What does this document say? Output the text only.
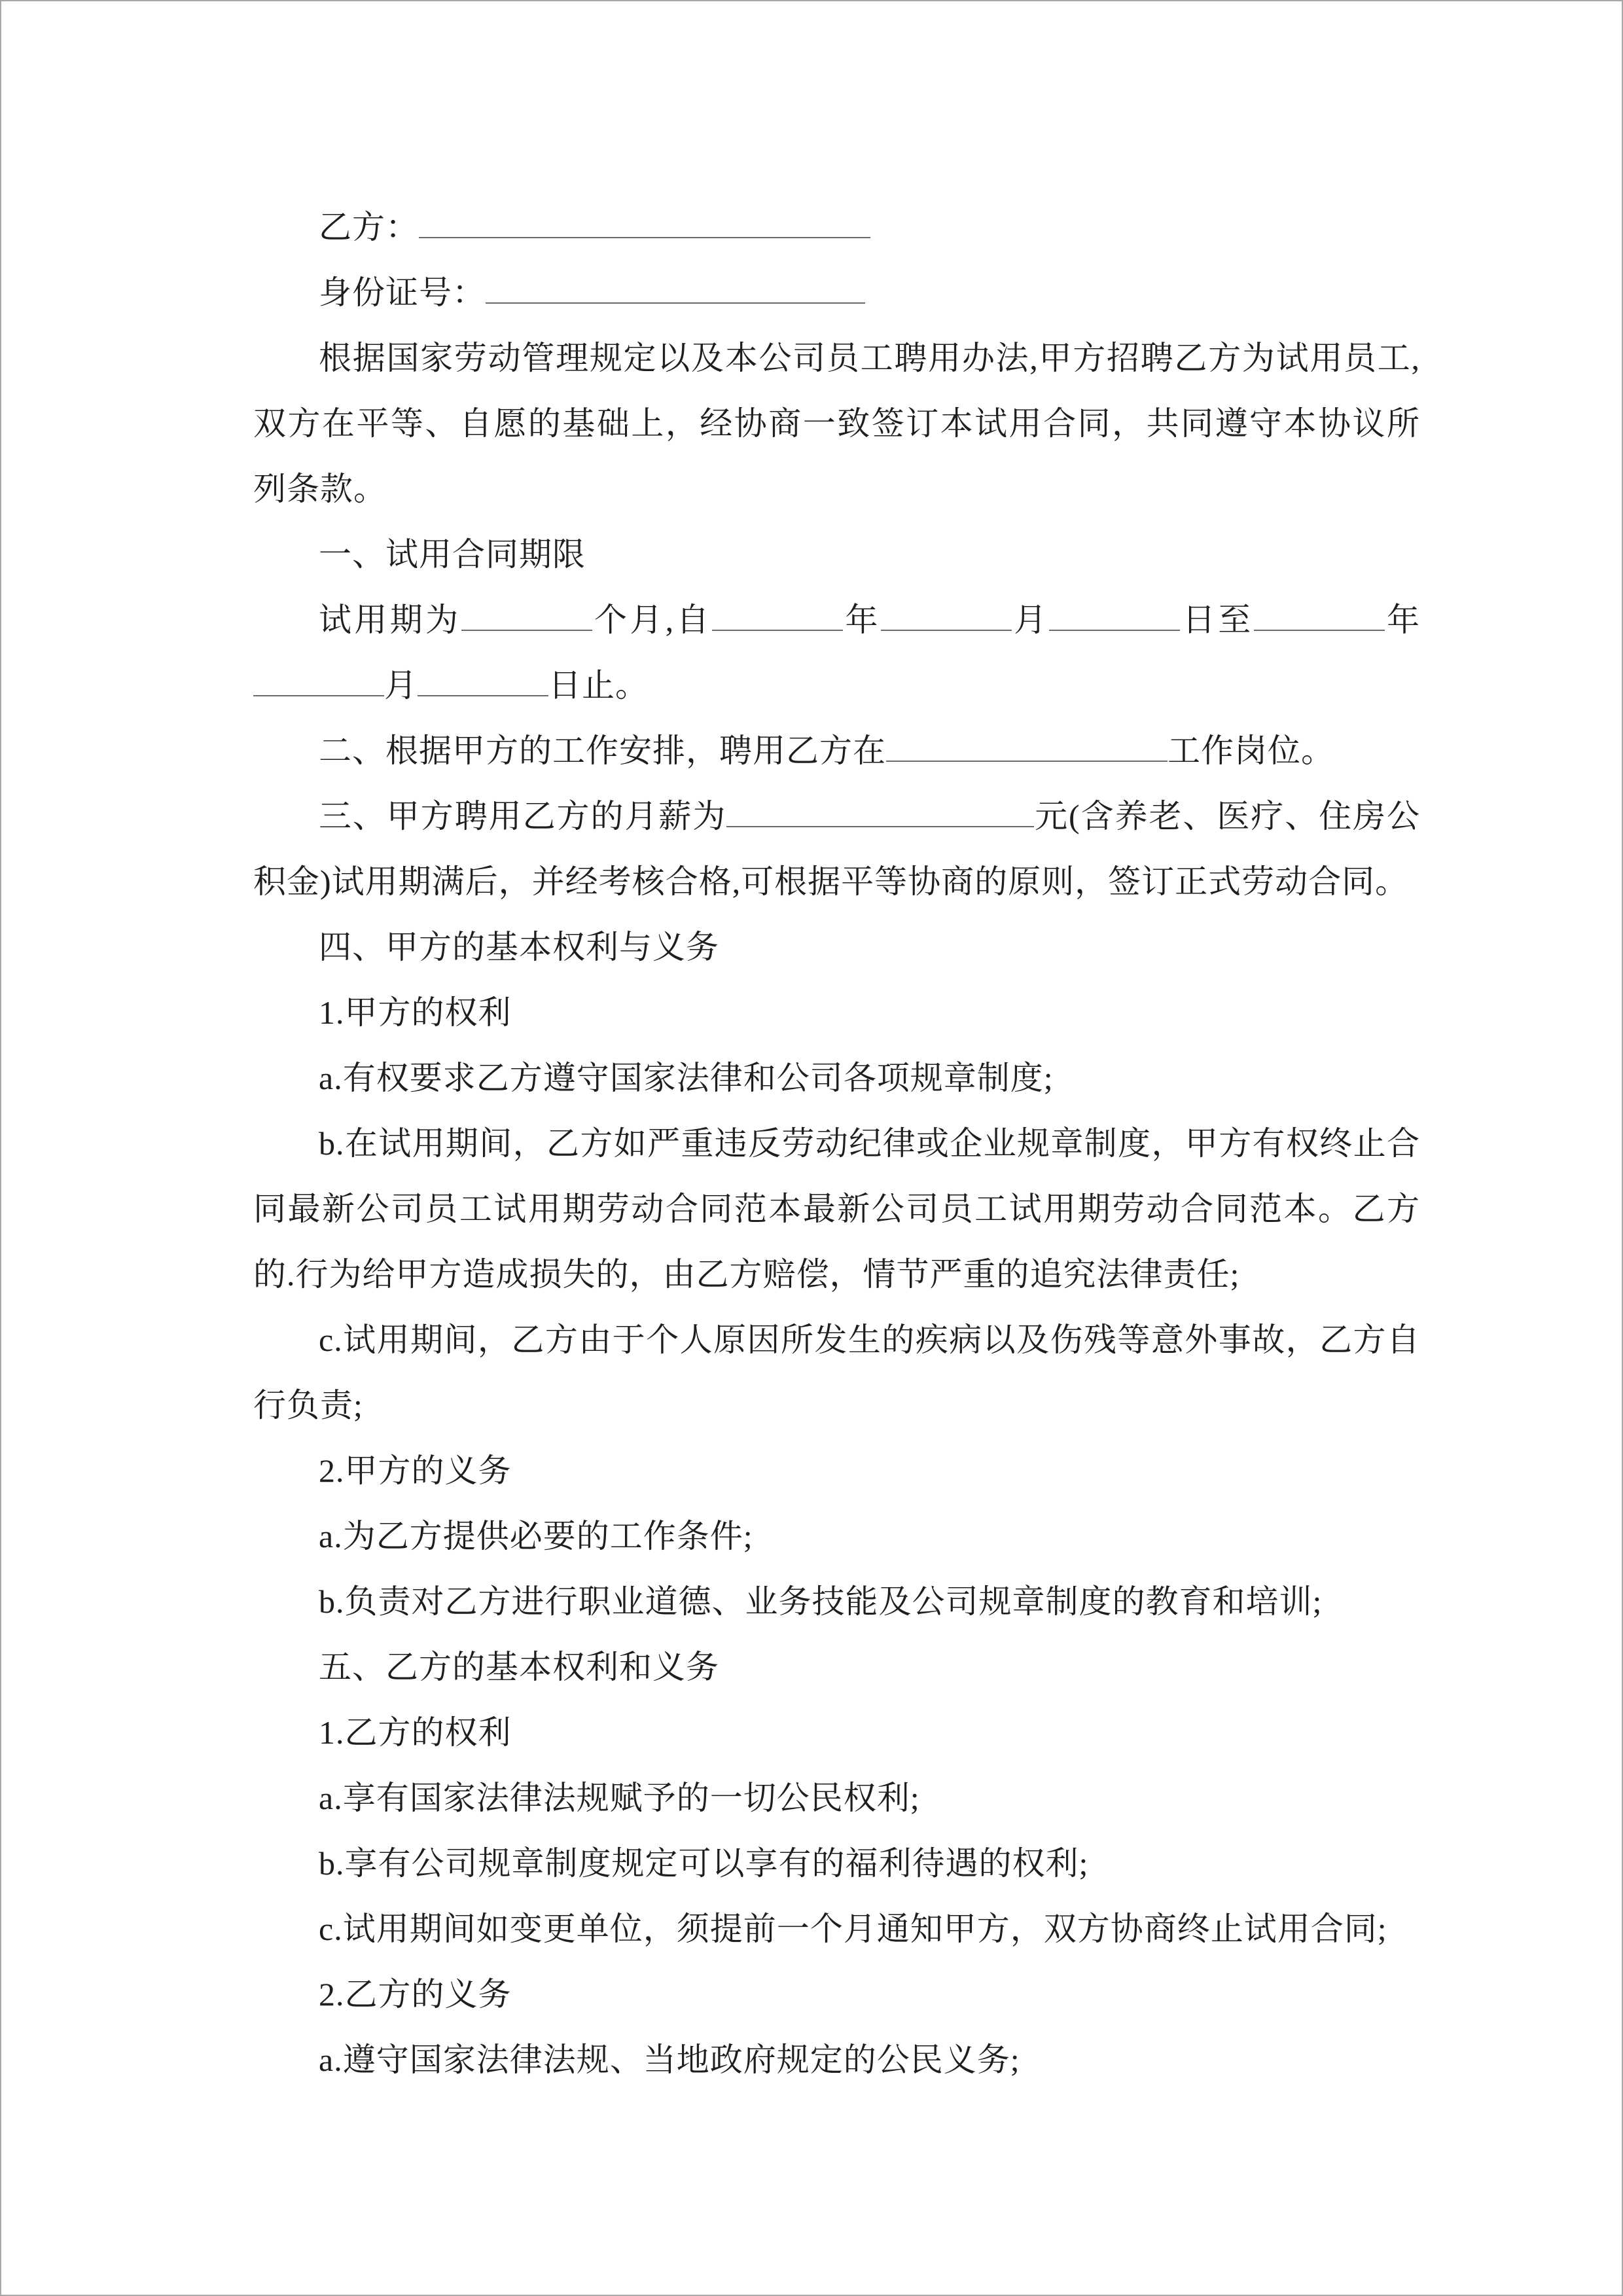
乙方：

身份证号：

根据国家劳动管理规定以及本公司员工聘用办法,甲方招聘乙方为试用员工,双方在平等、自愿的基础上，经协商一致签订本试用合同，共同遵守本协议所列条款。

一、试用合同期限

试用期为	个月,自	年	月	日至	年月	日止。

二、根据甲方的工作安排，聘用乙方在	工作岗位。

三、甲方聘用乙方的月薪为	元(含养老、医疗、住房公积金)试用期满后，并经考核合格,可根据平等协商的原则，签订正式劳动合同。

四、甲方的基本权利与义务

1.甲方的权利

a.有权要求乙方遵守国家法律和公司各项规章制度;

b.在试用期间，乙方如严重违反劳动纪律或企业规章制度，甲方有权终止合同最新公司员工试用期劳动合同范本最新公司员工试用期劳动合同范本。乙方的.行为给甲方造成损失的，由乙方赔偿，情节严重的追究法律责任;

c.试用期间，乙方由于个人原因所发生的疾病以及伤残等意外事故，乙方自行负责;

2.甲方的义务

a.为乙方提供必要的工作条件;

b.负责对乙方进行职业道德、业务技能及公司规章制度的教育和培训;

五、乙方的基本权利和义务

1.乙方的权利

a.享有国家法律法规赋予的一切公民权利;

b.享有公司规章制度规定可以享有的福利待遇的权利;

c.试用期间如变更单位，须提前一个月通知甲方，双方协商终止试用合同;

2.乙方的义务

a.遵守国家法律法规、当地政府规定的公民义务;
